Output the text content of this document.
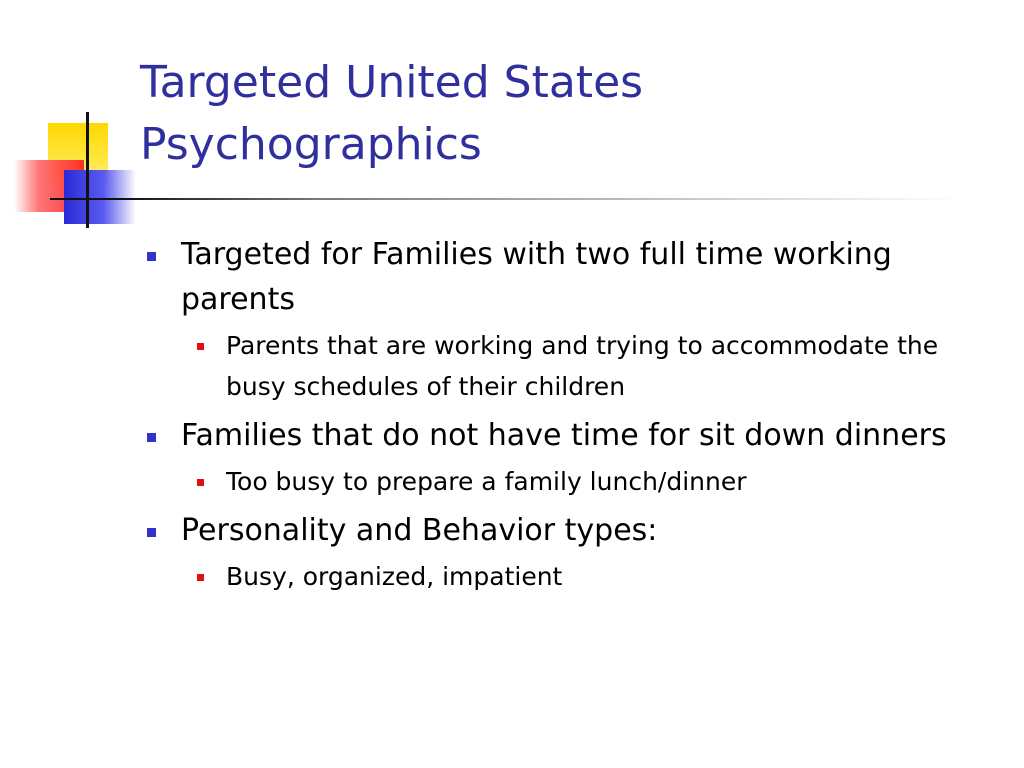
Targeted United States
Psychographics
Targeted for Families with two full time working parents
Parents that are working and trying to accommodate the busy schedules of their children
Families that do not have time for sit down dinners
Too busy to prepare a family lunch/dinner
Personality and Behavior types:
Busy, organized, impatient
